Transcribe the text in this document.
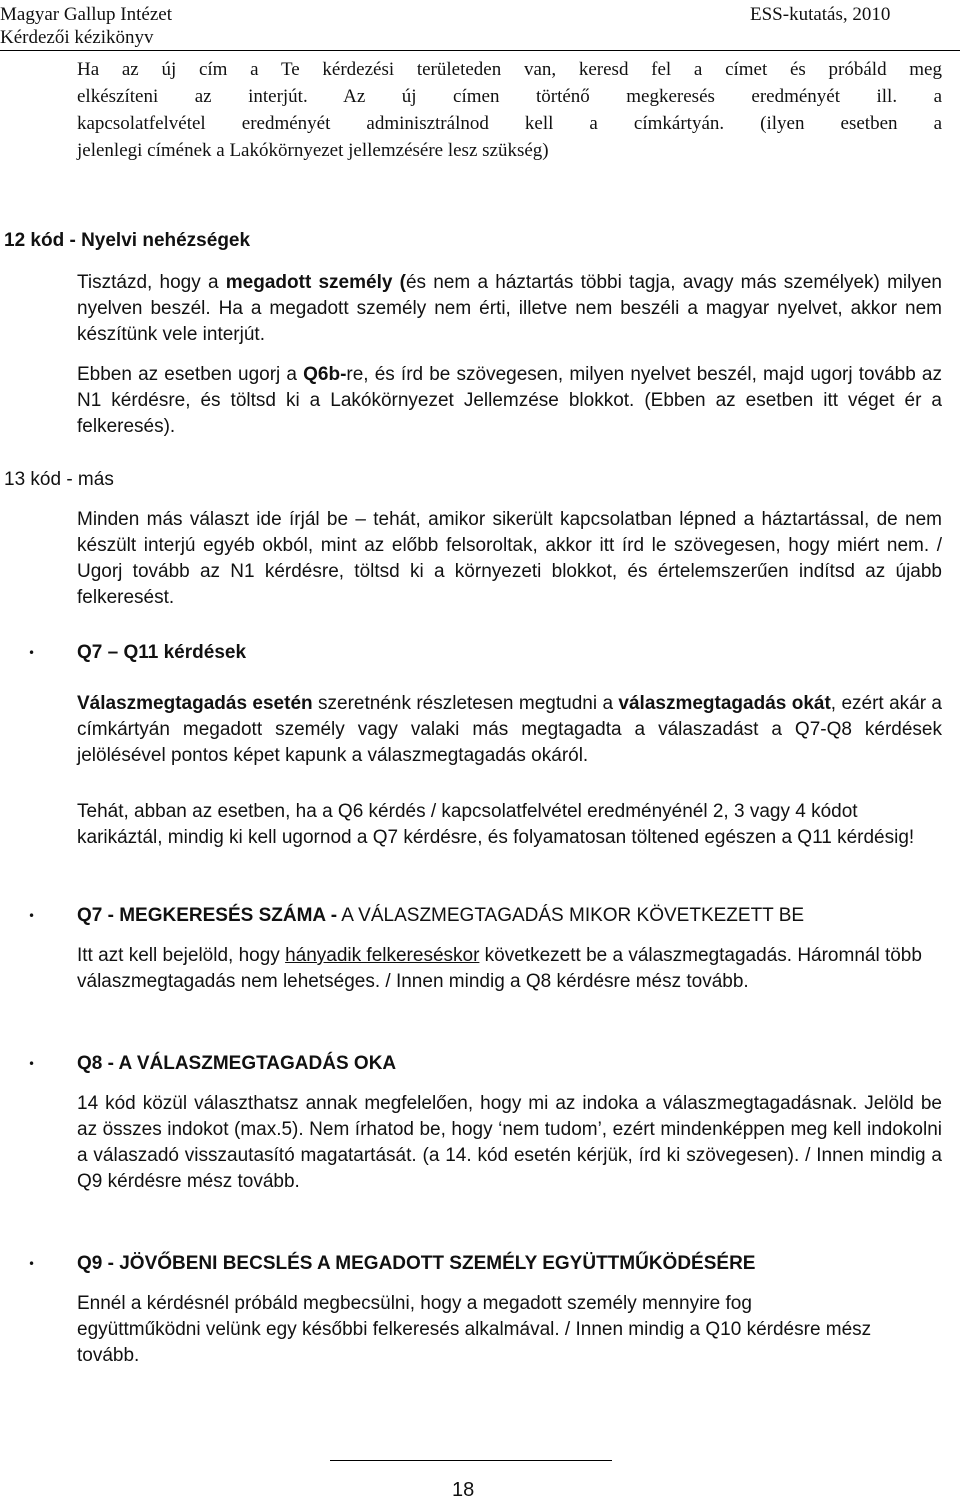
Magyar Gallup Intézet
Kérdezői kézikönyv
ESS-kutatás, 2010
Ha az új cím a Te kérdezési területeden van, keresd fel a címet és próbáld meg
elkészíteni az interjút. Az új címen történő megkeresés eredményét ill. a
kapcsolatfelvétel eredményét adminisztrálnod kell a címkártyán. (ilyen esetben a
jelenlegi címének a Lakókörnyezet jellemzésére lesz szükség)
12 kód - Nyelvi nehézségek
Tisztázd, hogy a megadott személy (és nem a háztartás többi tagja, avagy más személyek) milyen nyelven beszél. Ha a megadott személy nem érti, illetve nem beszéli a magyar nyelvet, akkor nem készítünk vele interjút.
Ebben az esetben ugorj a Q6b-re, és írd be szövegesen, milyen nyelvet beszél, majd ugorj tovább az N1 kérdésre, és töltsd ki a Lakókörnyezet Jellemzése blokkot. (Ebben az esetben itt véget ér a felkeresés).
13 kód - más
Minden más választ ide írjál be – tehát, amikor sikerült kapcsolatban lépned a háztartással, de nem készült interjú egyéb okból, mint az előbb felsoroltak, akkor itt írd le szövegesen, hogy miért nem. / Ugorj tovább az N1 kérdésre, töltsd ki a környezeti blokkot, és értelemszerűen indítsd az újabb felkeresést.
• Q7 – Q11 kérdések
Válaszmegtagadás esetén szeretnénk részletesen megtudni a válaszmegtagadás okát, ezért akár a címkártyán megadott személy vagy valaki más megtagadta a válaszadást a Q7-Q8 kérdések jelölésével pontos képet kapunk a válaszmegtagadás okáról.
Tehát, abban az esetben, ha a Q6 kérdés / kapcsolatfelvétel eredményénél 2, 3 vagy 4 kódot karikáztál, mindig ki kell ugornod a Q7 kérdésre, és folyamatosan töltened egészen a Q11 kérdésig!
• Q7 - MEGKERESÉS SZÁMA - A VÁLASZMEGTAGADÁS MIKOR KÖVETKEZETT BE
Itt azt kell bejelöld, hogy hányadik felkereséskor következett be a válaszmegtagadás. Háromnál több válaszmegtagadás nem lehetséges. / Innen mindig a Q8 kérdésre mész tovább.
• Q8 - A VÁLASZMEGTAGADÁS OKA
14 kód közül választhatsz annak megfelelően, hogy mi az indoka a válaszmegtagadásnak. Jelöld be az összes indokot (max.5). Nem írhatod be, hogy ‘nem tudom’, ezért mindenképpen meg kell indokolni a válaszadó visszautasító magatartását. (a 14. kód esetén kérjük, írd ki szövegesen). / Innen mindig a Q9 kérdésre mész tovább.
• Q9 - JÖVŐBENI BECSLÉS A MEGADOTT SZEMÉLY EGYÜTTMŰKÖDÉSÉRE
Ennél a kérdésnél próbáld megbecsülni, hogy a megadott személy mennyire fog együttműködni velünk egy későbbi felkeresés alkalmával. / Innen mindig a Q10 kérdésre mész tovább.
18
